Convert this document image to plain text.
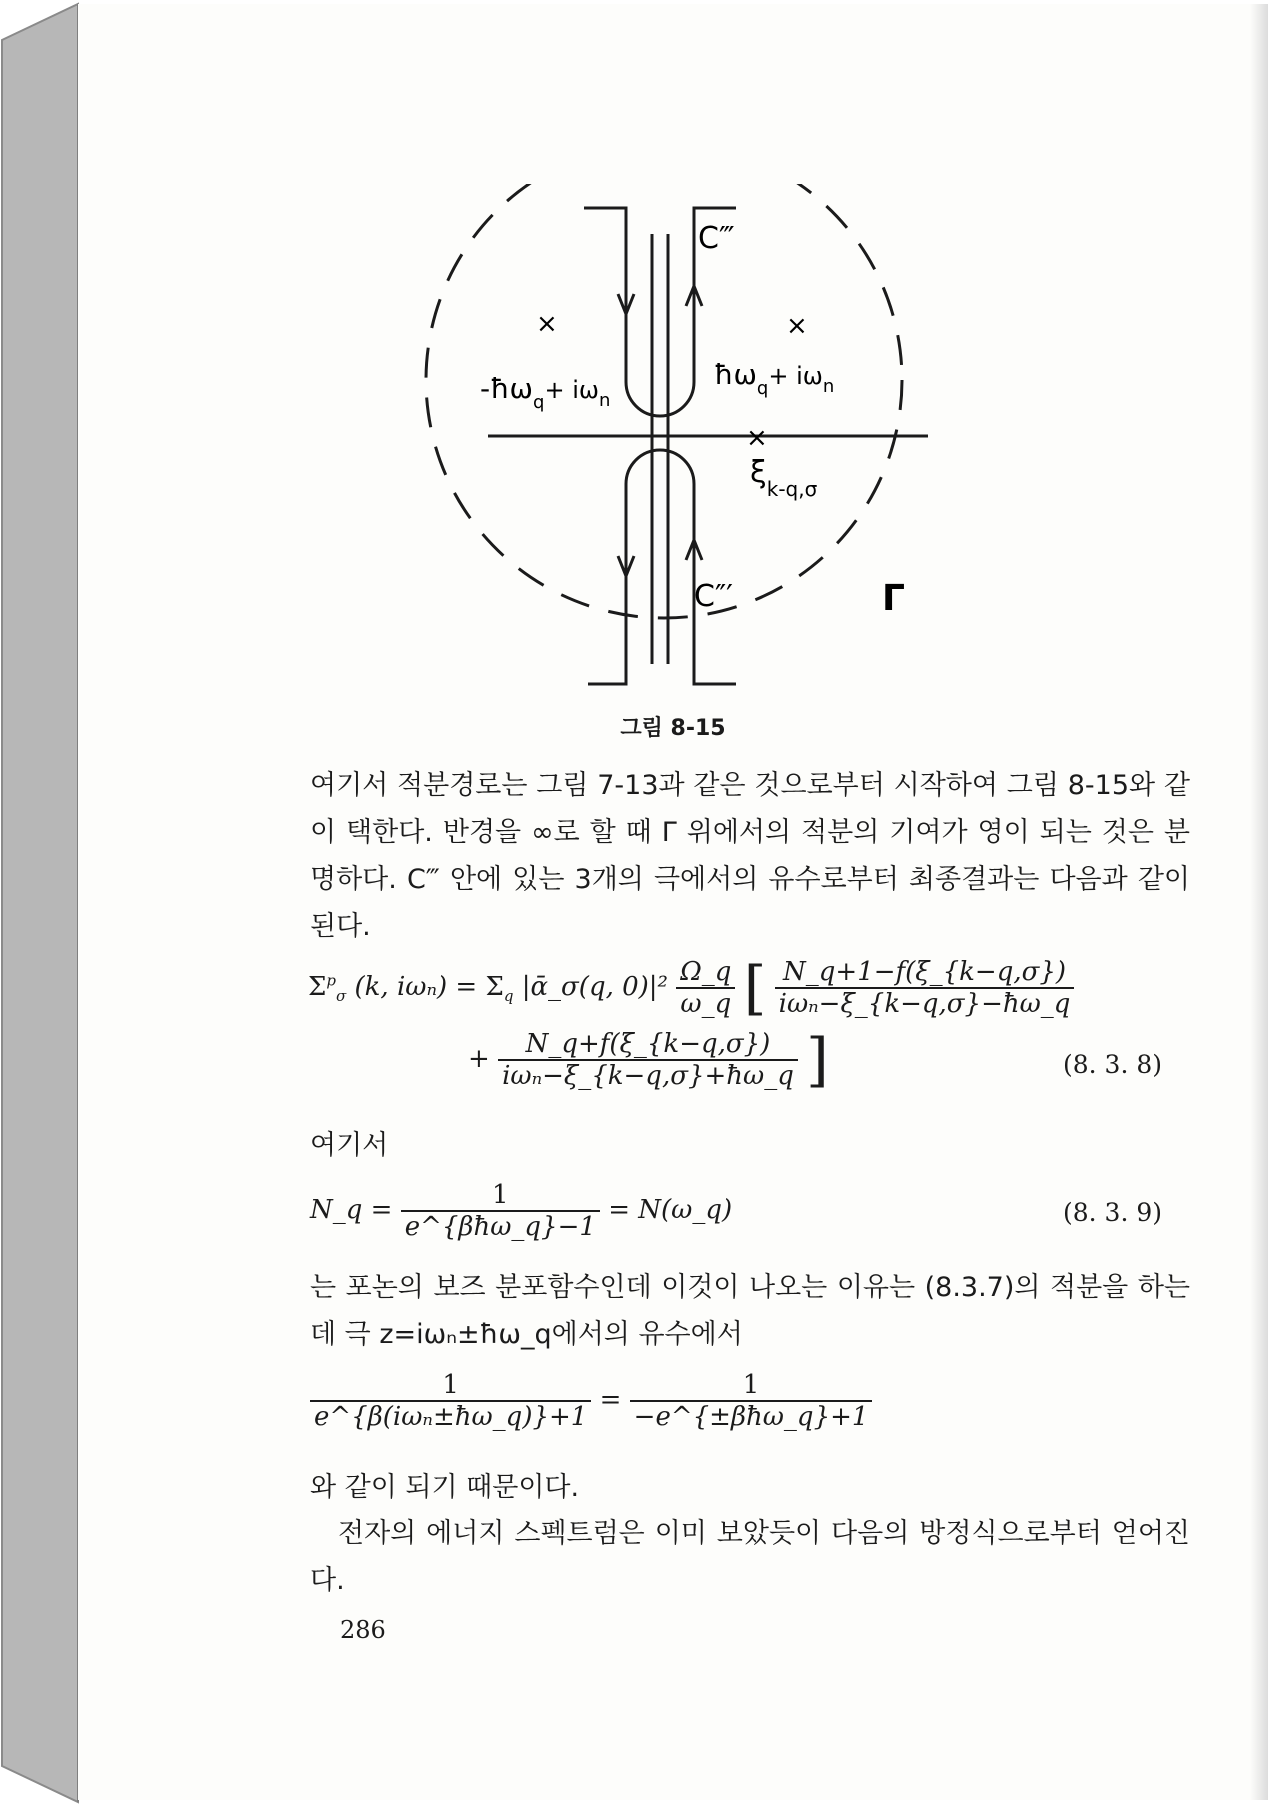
×	×
×
C‴
C″′
$-ħ\omega_q+ i\omega_n$
$ħ\omega_q+ i\omega_n$
$\xi_{k-q,\sigma}$
Γ
그림 8-15
여기서 적분경로는 그림 7-13과 같은 것으로부터 시작하여 그림 8-15와 같이 택한다. 반경을 ∞로 할 때 Γ 위에서의 적분의 기여가 영이 되는 것은 분명하다. C‴ 안에 있는 3개의 극에서의 유수로부터 최종결과는 다음과 같이 된다.
$\Sigma^p_\sigma$ (k, $i\omega_n) = \Sigma_q$ |ᾱ_σ(q, $0)|^2 \frac{\Omega\_q}{\omega\_q}$ [ $\frac{N\_q+1-f(\xi\_\{k-q,\sigma\})}{\text{iωₙ−ξ\_\{k−q,σ\}−ħω\_q}}$
+ $\frac{N\_q+f(\xi\_\{k-q,\sigma\})}{\text{iωₙ−ξ\_\{k−q,σ\}+ħω\_q}}$ ]	(8. 3. 8)
여기서
N_q = $\frac{1}{\text{e\textasciicircum{}\{βħω\_q\}−1}}$ = N(ω_q)	(8. 3. 9)
는 포논의 보즈 분포함수인데 이것이 나오는 이유는 (8.3.7)의 적분을 하는 데 극 z=iωₙ±ħω_q에서의 유수에서
$\frac{1}{\text{e\textasciicircum{}\{β(iωₙ±ħω\_q)\}+1}} = \frac{1}{\text{−e\textasciicircum{}\{±βħω\_q\}+1}}$
와 같이 되기 때문이다.
전자의 에너지 스펙트럼은 이미 보았듯이 다음의 방정식으로부터 얻어진다.
286
